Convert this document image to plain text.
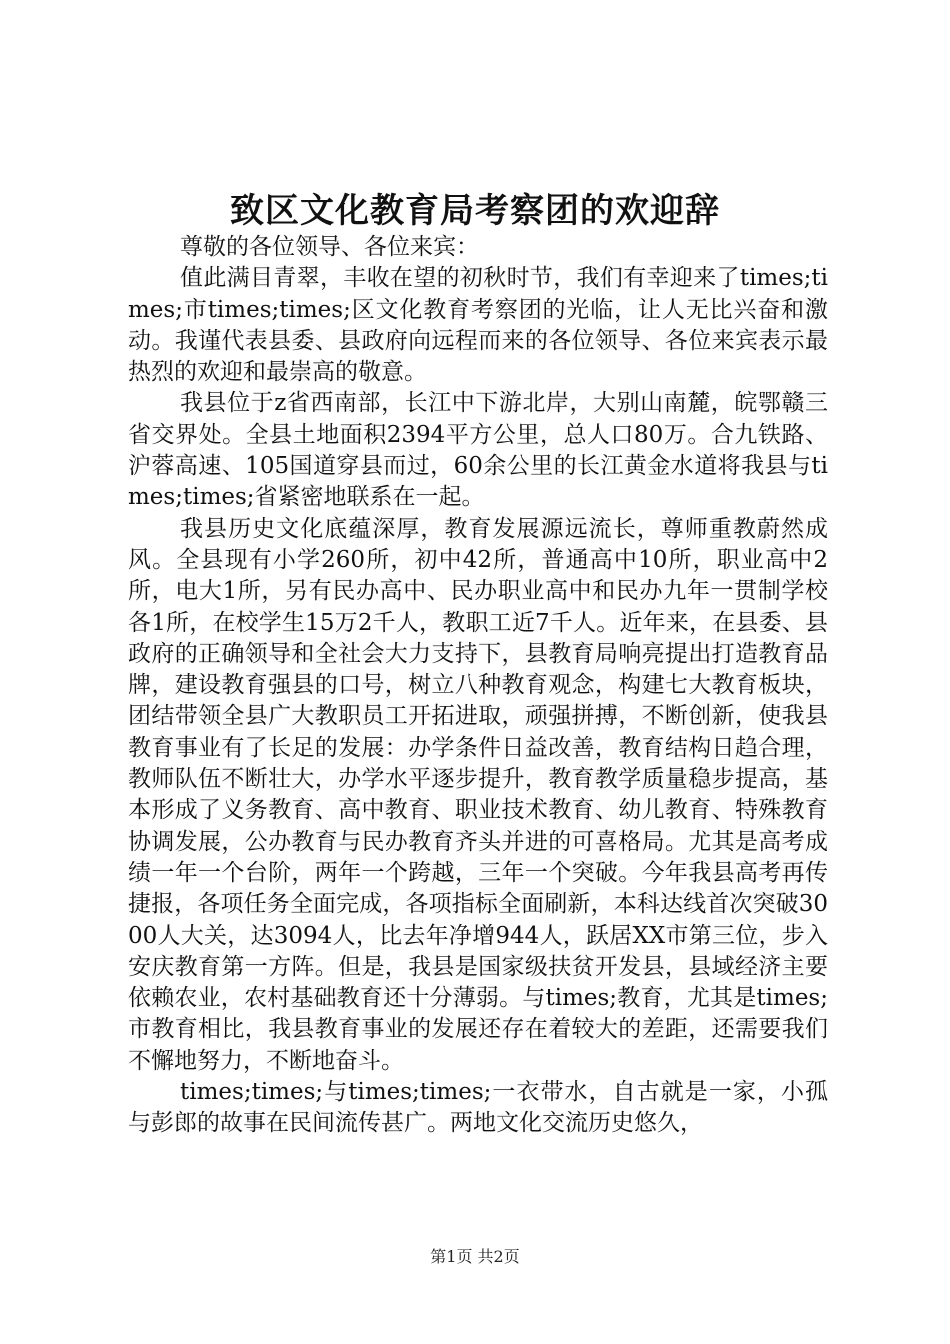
致区文化教育局考察团的欢迎辞

尊敬的各位领导、各位来宾：

值此满目青翠，丰收在望的初秋时节，我们有幸迎来了times;times;市times;times;区文化教育考察团的光临，让人无比兴奋和激动。我谨代表县委、县政府向远程而来的各位领导、各位来宾表示最热烈的欢迎和最崇高的敬意。

我县位于z省西南部，长江中下游北岸，大别山南麓，皖鄂赣三省交界处。全县土地面积2394平方公里，总人口80万。合九铁路、沪蓉高速、105国道穿县而过，60余公里的长江黄金水道将我县与times;times;省紧密地联系在一起。

我县历史文化底蕴深厚，教育发展源远流长，尊师重教蔚然成风。全县现有小学260所，初中42所，普通高中10所，职业高中2所，电大1所，另有民办高中、民办职业高中和民办九年一贯制学校各1所，在校学生15万2千人，教职工近7千人。近年来，在县委、县政府的正确领导和全社会大力支持下，县教育局响亮提出打造教育品牌，建设教育强县的口号，树立八种教育观念，构建七大教育板块，团结带领全县广大教职员工开拓进取，顽强拼搏，不断创新，使我县教育事业有了长足的发展：办学条件日益改善，教育结构日趋合理，教师队伍不断壮大，办学水平逐步提升，教育教学质量稳步提高，基本形成了义务教育、高中教育、职业技术教育、幼儿教育、特殊教育协调发展，公办教育与民办教育齐头并进的可喜格局。尤其是高考成绩一年一个台阶，两年一个跨越，三年一个突破。今年我县高考再传捷报，各项任务全面完成，各项指标全面刷新，本科达线首次突破3000人大关，达3094人，比去年净增944人，跃居XX市第三位，步入安庆教育第一方阵。但是，我县是国家级扶贫开发县，县域经济主要依赖农业，农村基础教育还十分薄弱。与times;教育，尤其是times;市教育相比，我县教育事业的发展还存在着较大的差距，还需要我们不懈地努力，不断地奋斗。

times;times;与times;times;一衣带水，自古就是一家，小孤与彭郎的故事在民间流传甚广。两地文化交流历史悠久，

第1页 共2页
